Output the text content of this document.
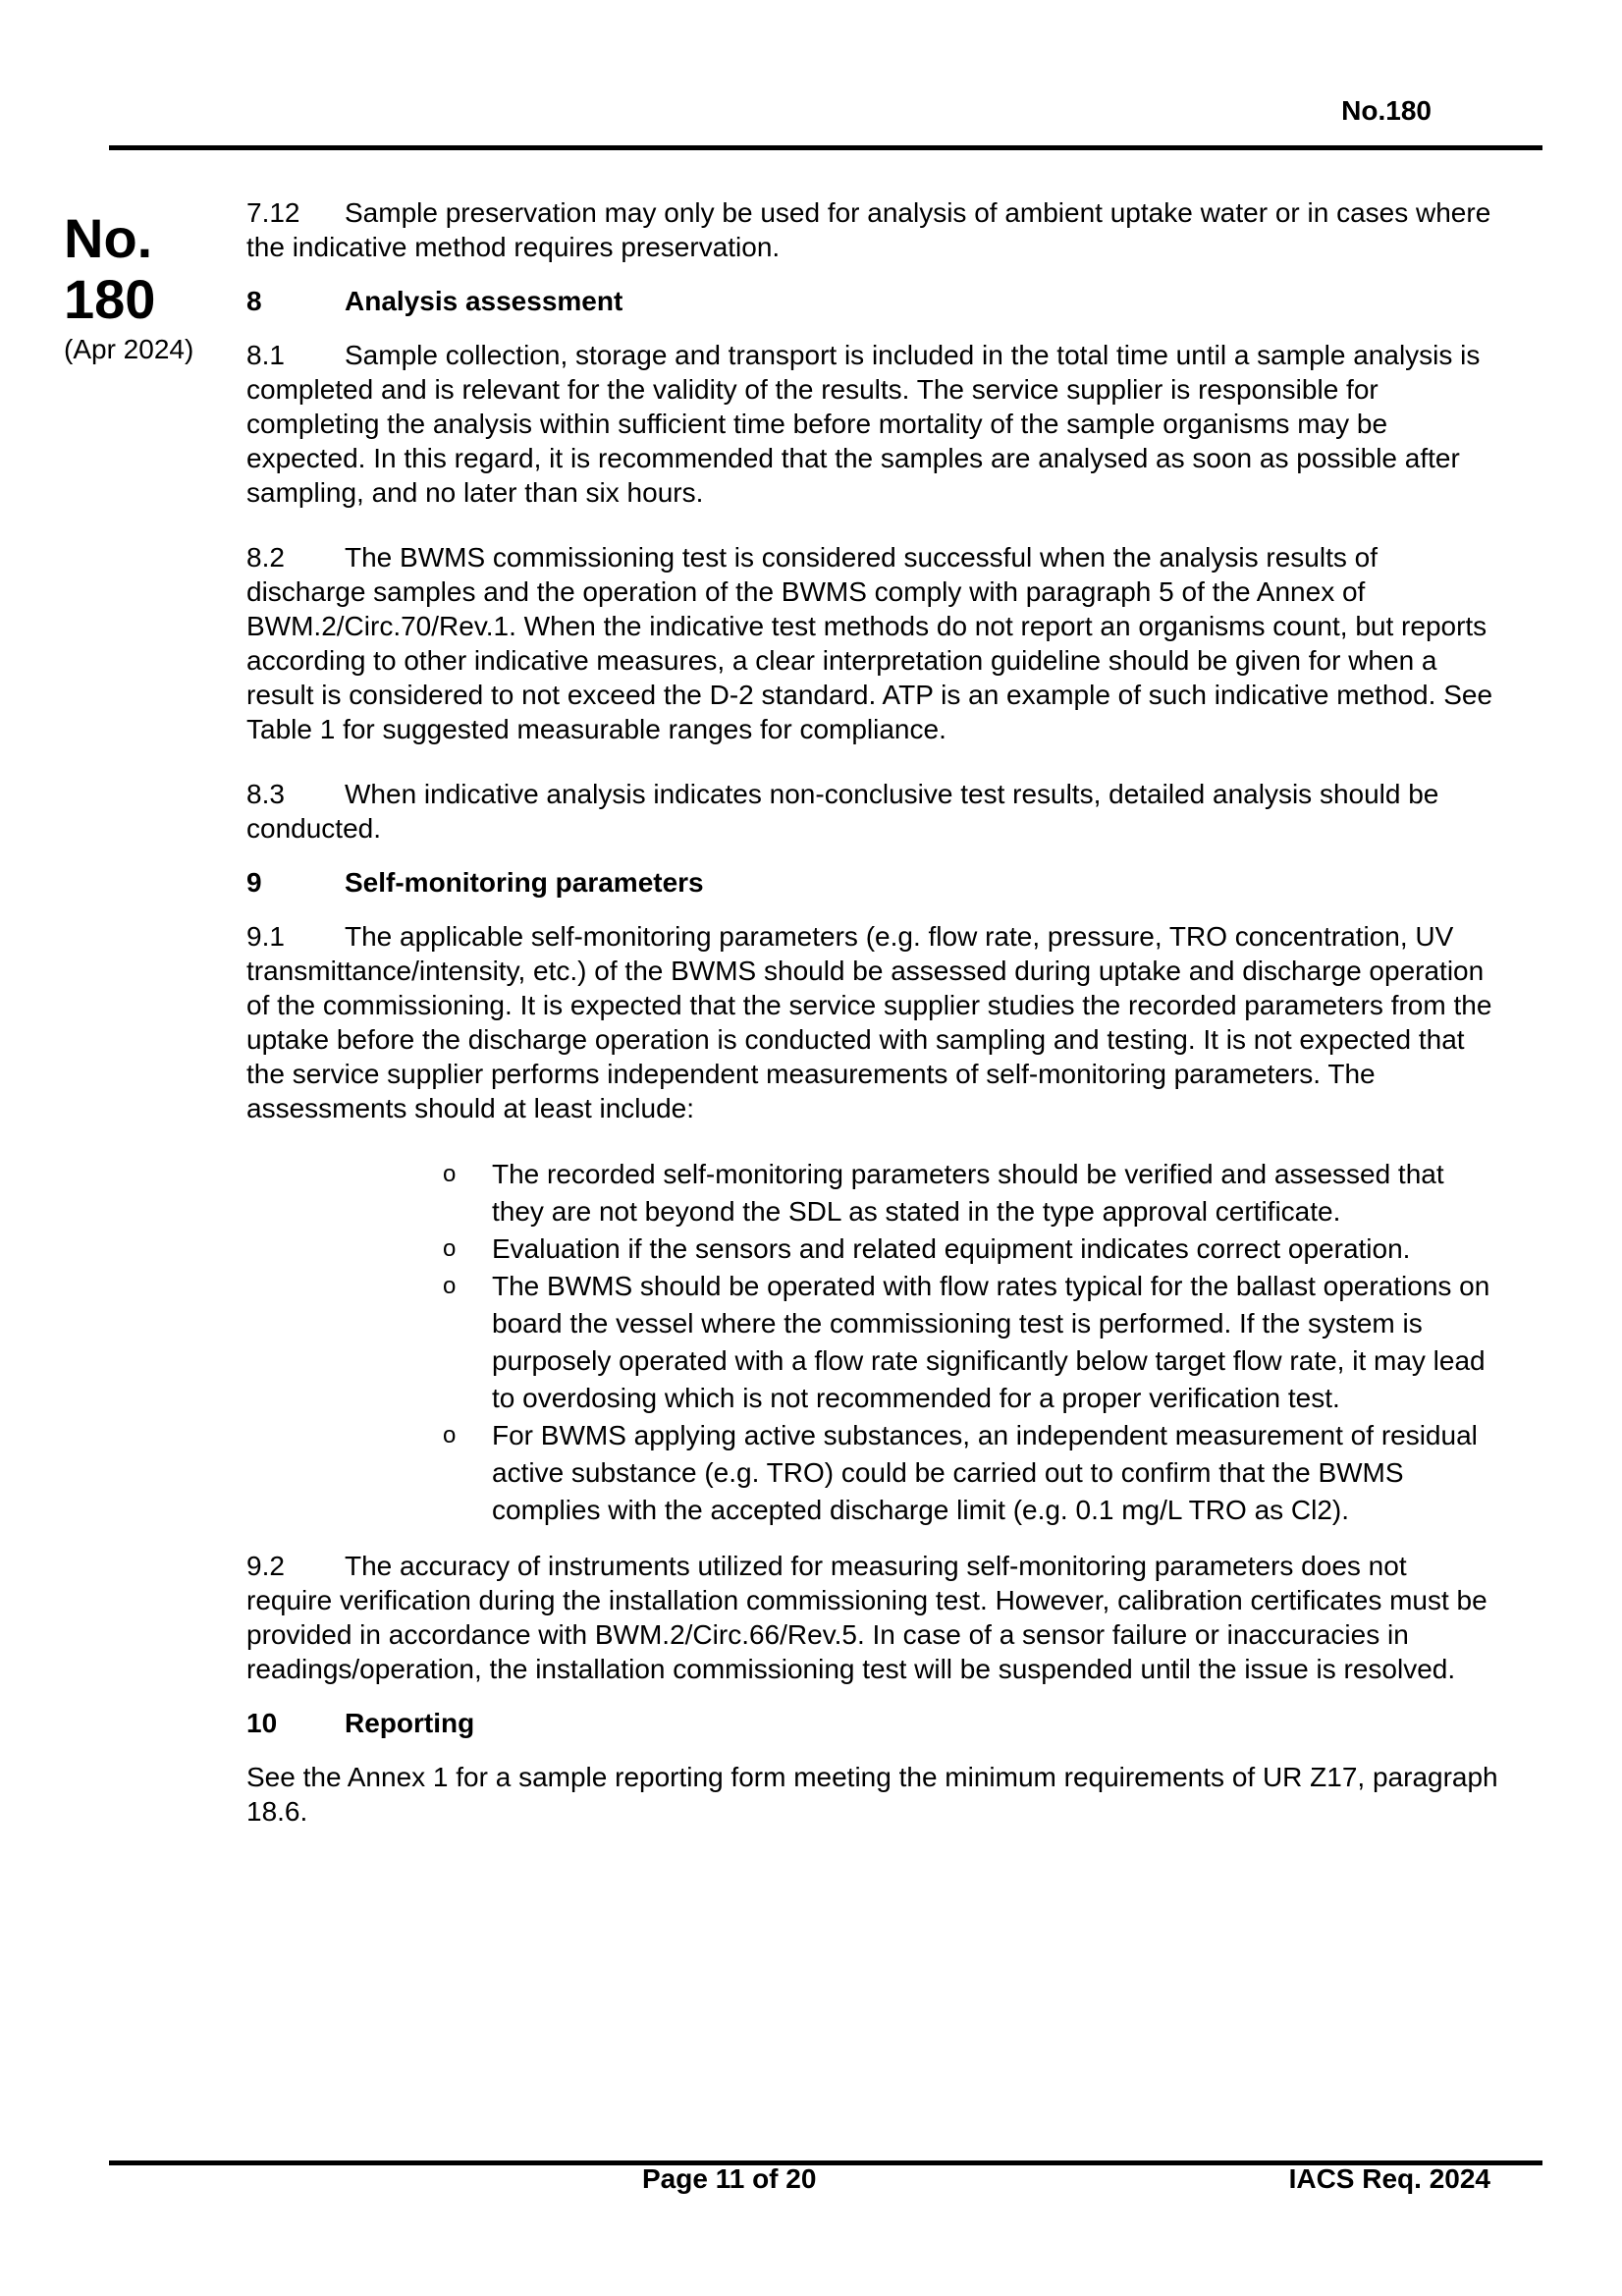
No.180
No.
180
(Apr 2024)

7.12 Sample preservation may only be used for analysis of ambient uptake water or in cases where the indicative method requires preservation.

8	Analysis assessment

8.1 Sample collection, storage and transport is included in the total time until a sample analysis is completed and is relevant for the validity of the results. The service supplier is responsible for completing the analysis within sufficient time before mortality of the sample organisms may be expected. In this regard, it is recommended that the samples are analysed as soon as possible after sampling, and no later than six hours.

8.2 The BWMS commissioning test is considered successful when the analysis results of discharge samples and the operation of the BWMS comply with paragraph 5 of the Annex of BWM.2/Circ.70/Rev.1. When the indicative test methods do not report an organisms count, but reports according to other indicative measures, a clear interpretation guideline should be given for when a result is considered to not exceed the D-2 standard. ATP is an example of such indicative method. See Table 1 for suggested measurable ranges for compliance.

8.3 When indicative analysis indicates non-conclusive test results, detailed analysis should be conducted.

9	Self-monitoring parameters

9.1 The applicable self-monitoring parameters (e.g. flow rate, pressure, TRO concentration, UV transmittance/intensity, etc.) of the BWMS should be assessed during uptake and discharge operation of the commissioning. It is expected that the service supplier studies the recorded parameters from the uptake before the discharge operation is conducted with sampling and testing. It is not expected that the service supplier performs independent measurements of self-monitoring parameters. The assessments should at least include:

o The recorded self-monitoring parameters should be verified and assessed that they are not beyond the SDL as stated in the type approval certificate.
o Evaluation if the sensors and related equipment indicates correct operation.
o The BWMS should be operated with flow rates typical for the ballast operations on board the vessel where the commissioning test is performed. If the system is purposely operated with a flow rate significantly below target flow rate, it may lead to overdosing which is not recommended for a proper verification test.
o For BWMS applying active substances, an independent measurement of residual active substance (e.g. TRO) could be carried out to confirm that the BWMS complies with the accepted discharge limit (e.g. 0.1 mg/L TRO as Cl2).

9.2 The accuracy of instruments utilized for measuring self-monitoring parameters does not require verification during the installation commissioning test. However, calibration certificates must be provided in accordance with BWM.2/Circ.66/Rev.5. In case of a sensor failure or inaccuracies in readings/operation, the installation commissioning test will be suspended until the issue is resolved.

10 Reporting

See the Annex 1 for a sample reporting form meeting the minimum requirements of UR Z17, paragraph 18.6.

Page 11 of 20	IACS Req. 2024
